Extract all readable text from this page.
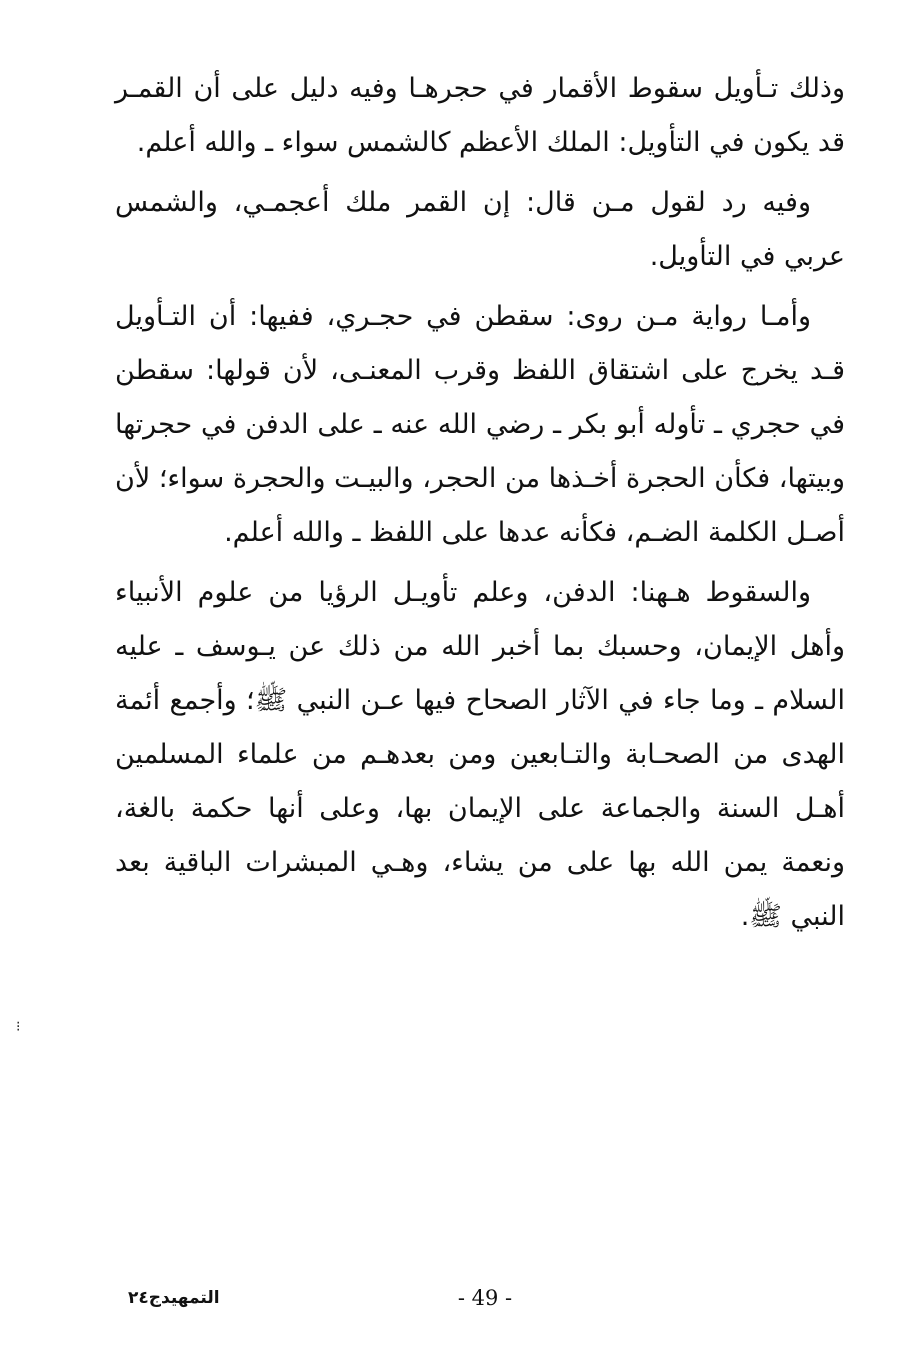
وذلك تـأويل سقوط الأقمار في حجرهـا وفيه دليل على أن القمـر قد يكون في التأويل: الملك الأعظم كالشمس سواء ـ والله أعلم.

وفيه رد لقول مـن قال: إن القمر ملك أعجمـي، والشمس عربي في التأويل.

وأمـا رواية مـن روى: سقطن في حجـري، ففيها: أن التـأويل قـد يخرج على اشتقاق اللفظ وقرب المعنـى، لأن قولها: سقطن في حجري ـ تأوله أبو بكر ـ رضي الله عنه ـ على الدفن في حجرتها وبيتها، فكأن الحجرة أخـذها من الحجر، والبيـت والحجرة سواء؛ لأن أصـل الكلمة الضـم، فكأنه عدها على اللفظ ـ والله أعلم.

والسقوط هـهنا: الدفن، وعلم تأويـل الرؤيا من علوم الأنبياء وأهل الإيمان، وحسبك بما أخبر الله من ذلك عن يـوسف ـ عليه السلام ـ وما جاء في الآثار الصحاح فيها عـن النبي ﷺ؛ وأجمع أئمة الهدى من الصحـابة والتـابعين ومن بعدهـم من علماء المسلمين أهـل السنة والجماعة على الإيمان بها، وعلى أنها حكمة بالغة، ونعمة يمن الله بها على من يشاء، وهـي المبشرات الباقية بعد النبي ﷺ.

⁝
التمهيدج٢٤	- 49 -
